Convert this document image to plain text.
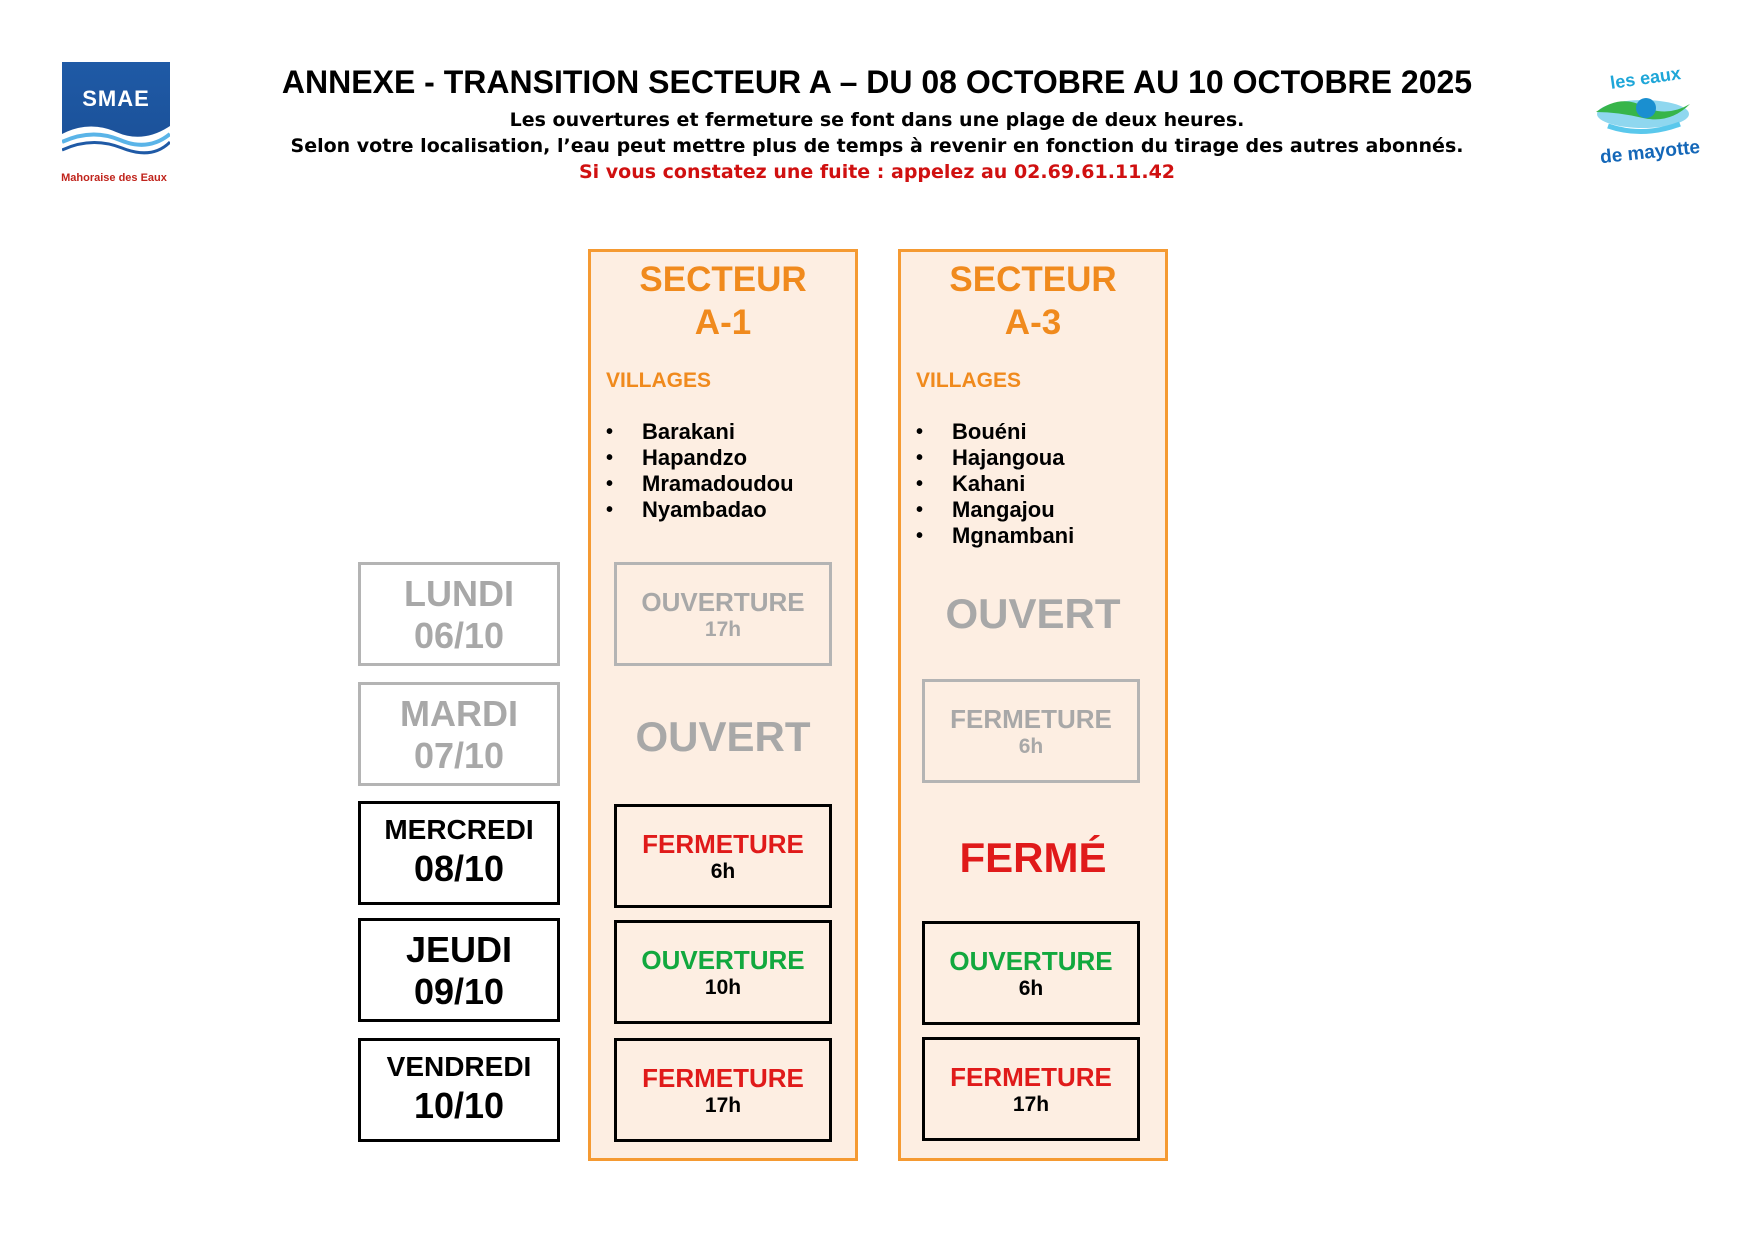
ANNEXE - TRANSITION SECTEUR A – DU 08 OCTOBRE AU 10 OCTOBRE 2025
Les ouvertures et fermeture se font dans une plage de deux heures.
Selon votre localisation, l’eau peut mettre plus de temps à revenir en fonction du tirage des autres abonnés.
Si vous constatez une fuite : appelez au 02.69.61.11.42
SMAE
Mahoraise des Eaux
les eaux
de mayotte
SECTEUR
A-1
VILLAGES
• Barakani
• Hapandzo
• Mramadoudou
• Nyambadao
SECTEUR
A-3
VILLAGES
• Bouéni
• Hajangoua
• Kahani
• Mangajou
• Mgnambani
LUNDI
06/10
MARDI
07/10
MERCREDI
08/10
JEUDI
09/10
VENDREDI
10/10
OUVERTURE
17h
OUVERT
FERMETURE
6h
OUVERTURE
10h
FERMETURE
17h
OUVERT
FERMETURE
6h
FERMÉ
OUVERTURE
6h
FERMETURE
17h
